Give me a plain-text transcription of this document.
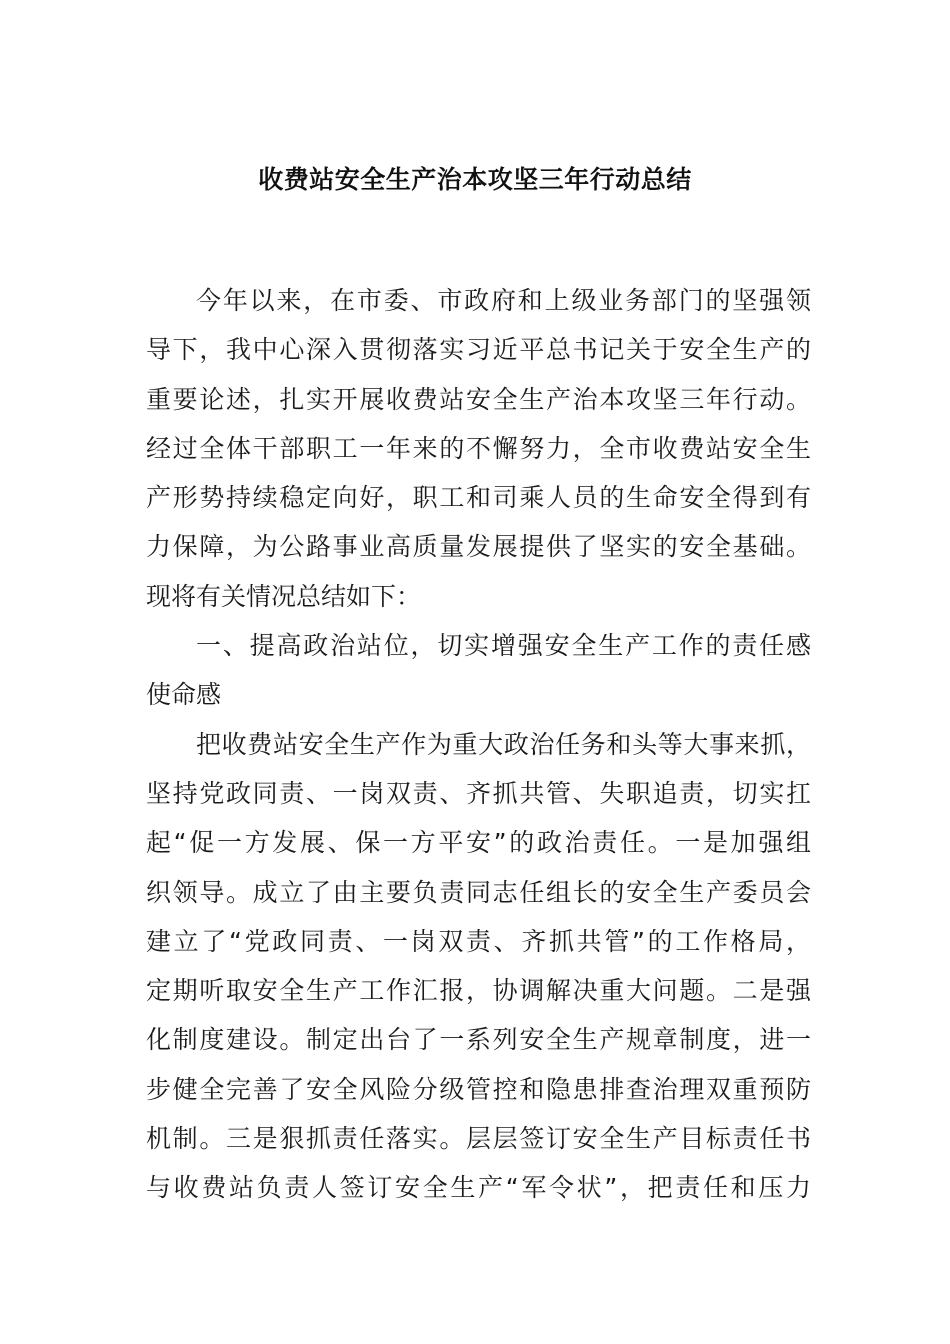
收费站安全生产治本攻坚三年行动总结
今年以来，在市委、市政府和上级业务部门的坚强领
导下，我中心深入贯彻落实习近平总书记关于安全生产的
重要论述，扎实开展收费站安全生产治本攻坚三年行动。
经过全体干部职工一年来的不懈努力，全市收费站安全生
产形势持续稳定向好，职工和司乘人员的生命安全得到有
力保障，为公路事业高质量发展提供了坚实的安全基础。
现将有关情况总结如下：
一、提高政治站位，切实增强安全生产工作的责任感
使命感
把收费站安全生产作为重大政治任务和头等大事来抓，
坚持党政同责、一岗双责、齐抓共管、失职追责，切实扛
起“促一方发展、保一方平安”的政治责任。一是加强组
织领导。成立了由主要负责同志任组长的安全生产委员会
建立了“党政同责、一岗双责、齐抓共管”的工作格局，
定期听取安全生产工作汇报，协调解决重大问题。二是强
化制度建设。制定出台了一系列安全生产规章制度，进一
步健全完善了安全风险分级管控和隐患排查治理双重预防
机制。三是狠抓责任落实。层层签订安全生产目标责任书
与收费站负责人签订安全生产“军令状”，把责任和压力
